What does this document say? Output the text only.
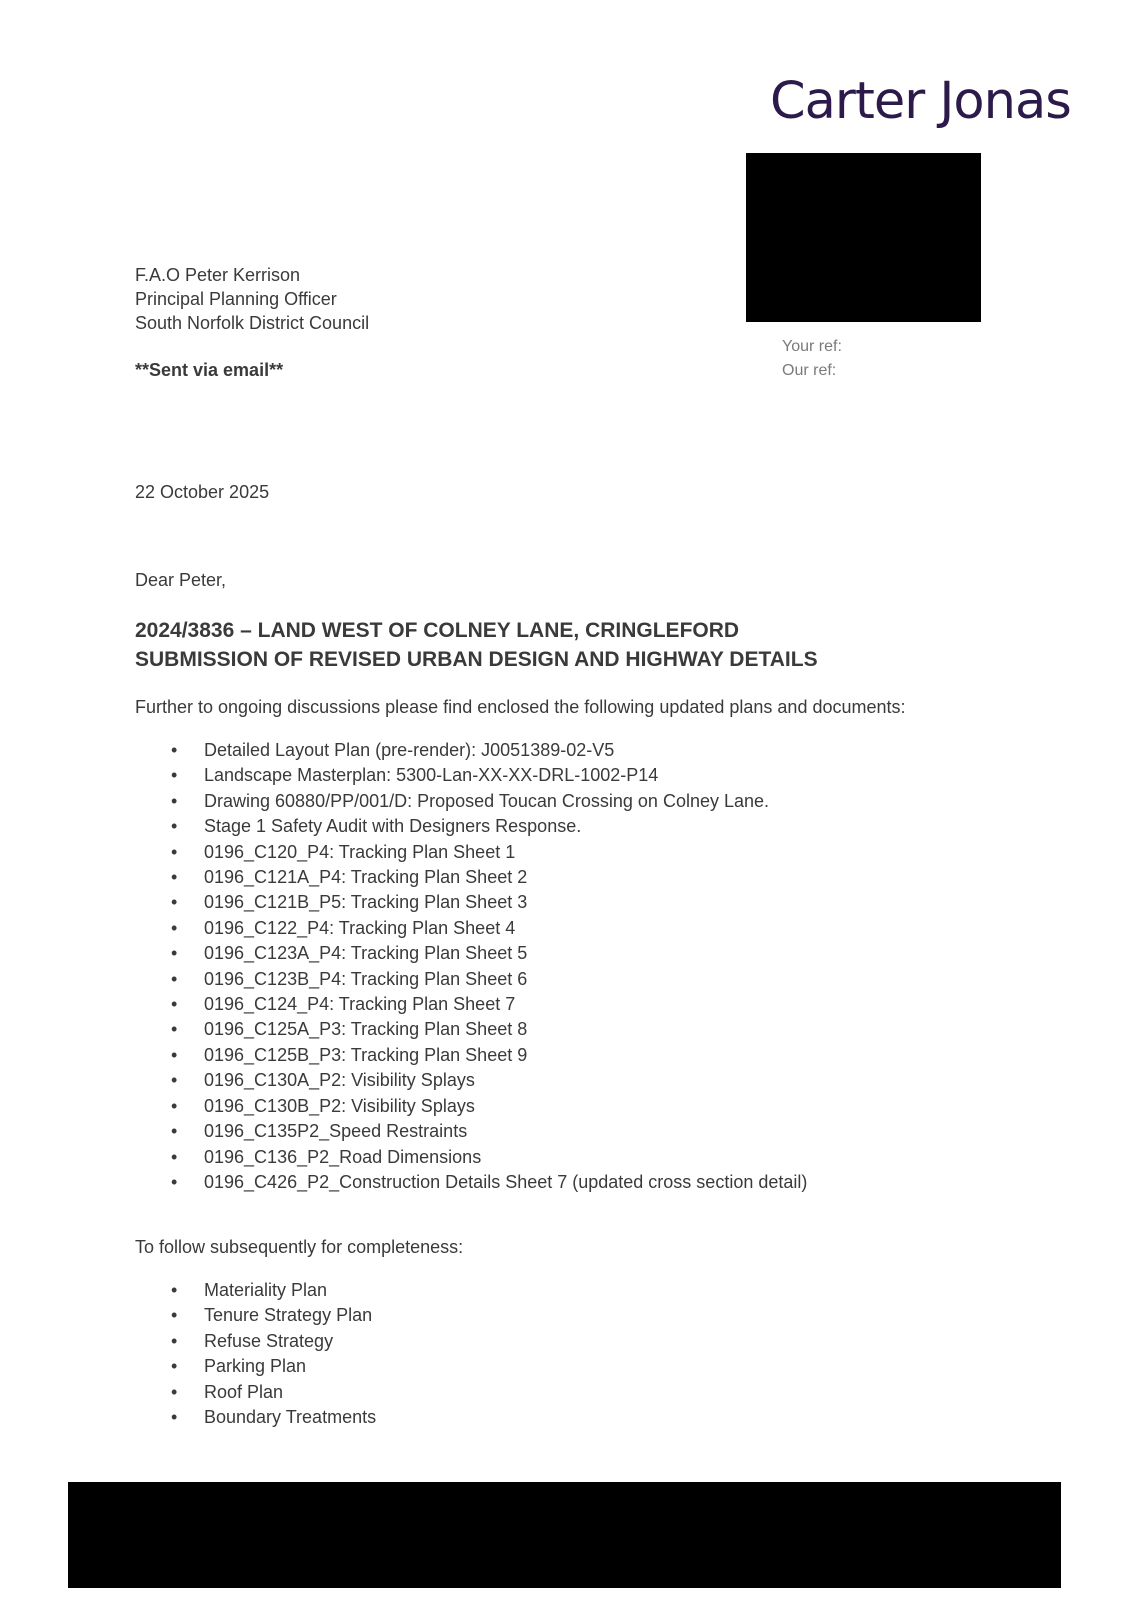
Carter Jonas
F.A.O Peter Kerrison
Principal Planning Officer
South Norfolk District Council
**Sent via email**
Your ref:
Our ref:
22 October 2025
Dear Peter,
2024/3836 – LAND WEST OF COLNEY LANE, CRINGLEFORD
SUBMISSION OF REVISED URBAN DESIGN AND HIGHWAY DETAILS
Further to ongoing discussions please find enclosed the following updated plans and documents:
• Detailed Layout Plan (pre-render): J0051389-02-V5
• Landscape Masterplan: 5300-Lan-XX-XX-DRL-1002-P14
• Drawing 60880/PP/001/D: Proposed Toucan Crossing on Colney Lane.
• Stage 1 Safety Audit with Designers Response.
• 0196_C120_P4: Tracking Plan Sheet 1
• 0196_C121A_P4: Tracking Plan Sheet 2
• 0196_C121B_P5: Tracking Plan Sheet 3
• 0196_C122_P4: Tracking Plan Sheet 4
• 0196_C123A_P4: Tracking Plan Sheet 5
• 0196_C123B_P4: Tracking Plan Sheet 6
• 0196_C124_P4: Tracking Plan Sheet 7
• 0196_C125A_P3: Tracking Plan Sheet 8
• 0196_C125B_P3: Tracking Plan Sheet 9
• 0196_C130A_P2: Visibility Splays
• 0196_C130B_P2: Visibility Splays
• 0196_C135P2_Speed Restraints
• 0196_C136_P2_Road Dimensions
• 0196_C426_P2_Construction Details Sheet 7 (updated cross section detail)
To follow subsequently for completeness:
• Materiality Plan
• Tenure Strategy Plan
• Refuse Strategy
• Parking Plan
• Roof Plan
• Boundary Treatments
